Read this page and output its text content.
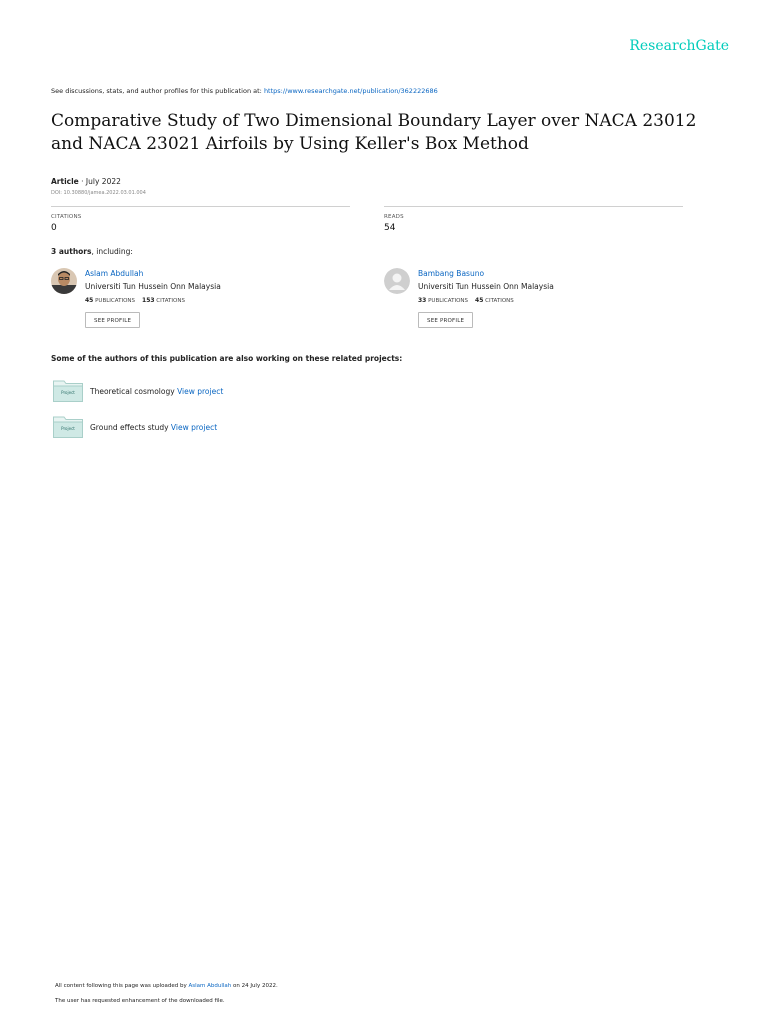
ResearchGate
See discussions, stats, and author profiles for this publication at: https://www.researchgate.net/publication/362222686
Comparative Study of Two Dimensional Boundary Layer over NACA 23012 and NACA 23021 Airfoils by Using Keller's Box Method
Article · July 2022
DOI: 10.30880/jamea.2022.03.01.004
CITATIONS
0
READS
54
3 authors, including:
Aslam Abdullah
Universiti Tun Hussein Onn Malaysia
45 PUBLICATIONS 153 CITATIONS
SEE PROFILE
Bambang Basuno
Universiti Tun Hussein Onn Malaysia
33 PUBLICATIONS 45 CITATIONS
SEE PROFILE
Some of the authors of this publication are also working on these related projects:
Project	Theoretical cosmology View project
Project	Ground effects study View project
All content following this page was uploaded by Aslam Abdullah on 24 July 2022.
The user has requested enhancement of the downloaded file.
